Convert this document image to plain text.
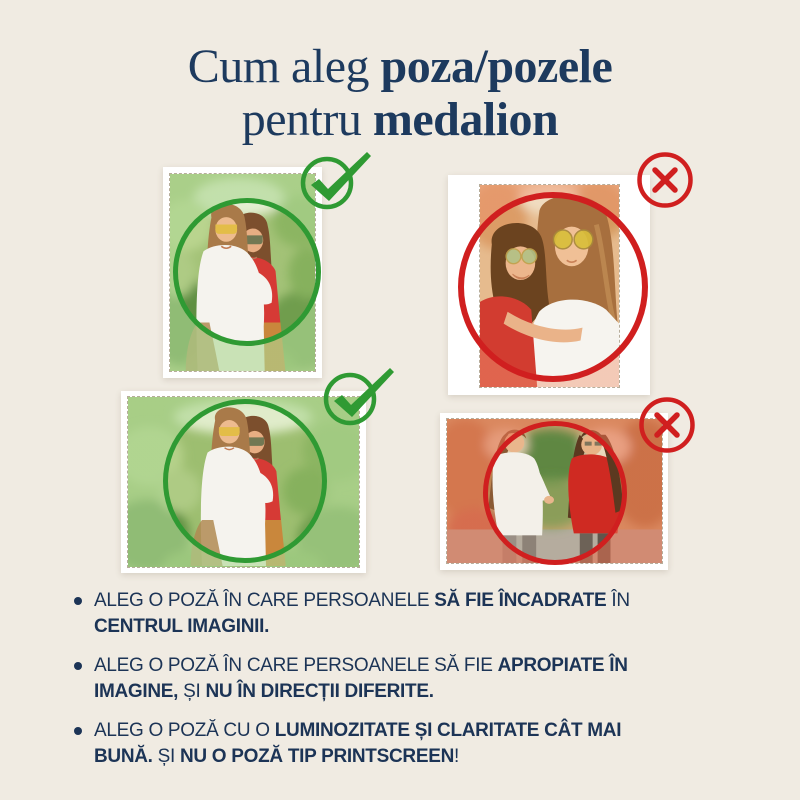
Cum aleg poza/pozele
pentru medalion
ALEG O POZĂ ÎN CARE PERSOANELE SĂ FIE ÎNCADRATE ÎN
CENTRUL IMAGINII.
ALEG O POZĂ ÎN CARE PERSOANELE SĂ FIE APROPIATE ÎN
IMAGINE, ȘI NU ÎN DIRECȚII DIFERITE.
ALEG O POZĂ CU O LUMINOZITATE ȘI CLARITATE CÂT MAI
BUNĂ. ȘI NU O POZĂ TIP PRINTSCREEN!
